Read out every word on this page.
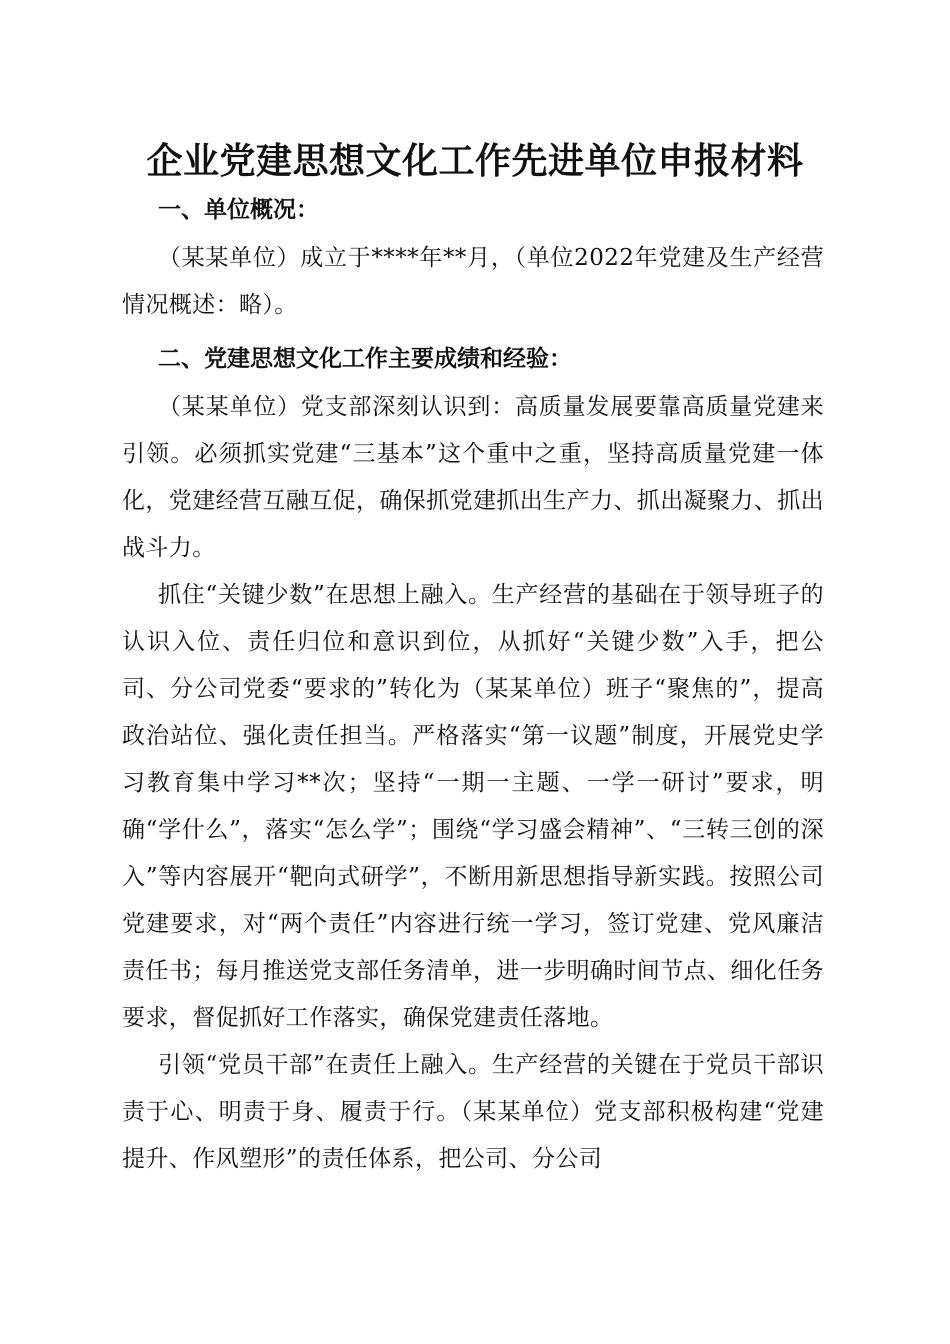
企业党建思想文化工作先进单位申报材料
一、单位概况：

（某某单位）成立于****年**月，（单位2022年党建及生产经营情况概述：略）。

二、党建思想文化工作主要成绩和经验：

（某某单位）党支部深刻认识到：高质量发展要靠高质量党建来引领。必须抓实党建“三基本”这个重中之重，坚持高质量党建一体化，党建经营互融互促，确保抓党建抓出生产力、抓出凝聚力、抓出战斗力。

抓住“关键少数”在思想上融入。生产经营的基础在于领导班子的认识入位、责任归位和意识到位，从抓好“关键少数”入手，把公司、分公司党委“要求的”转化为（某某单位）班子“聚焦的”，提高政治站位、强化责任担当。严格落实“第一议题”制度，开展党史学习教育集中学习**次；坚持“一期一主题、一学一研讨”要求，明确“学什么”，落实“怎么学”；围绕“学习盛会精神”、“三转三创的深入”等内容展开“靶向式研学”，不断用新思想指导新实践。按照公司党建要求，对“两个责任”内容进行统一学习，签订党建、党风廉洁责任书；每月推送党支部任务清单，进一步明确时间节点、细化任务要求，督促抓好工作落实，确保党建责任落地。

引领“党员干部”在责任上融入。生产经营的关键在于党员干部识责于心、明责于身、履责于行。（某某单位）党支部积极构建“党建提升、作风塑形”的责任体系，把公司、分公司
